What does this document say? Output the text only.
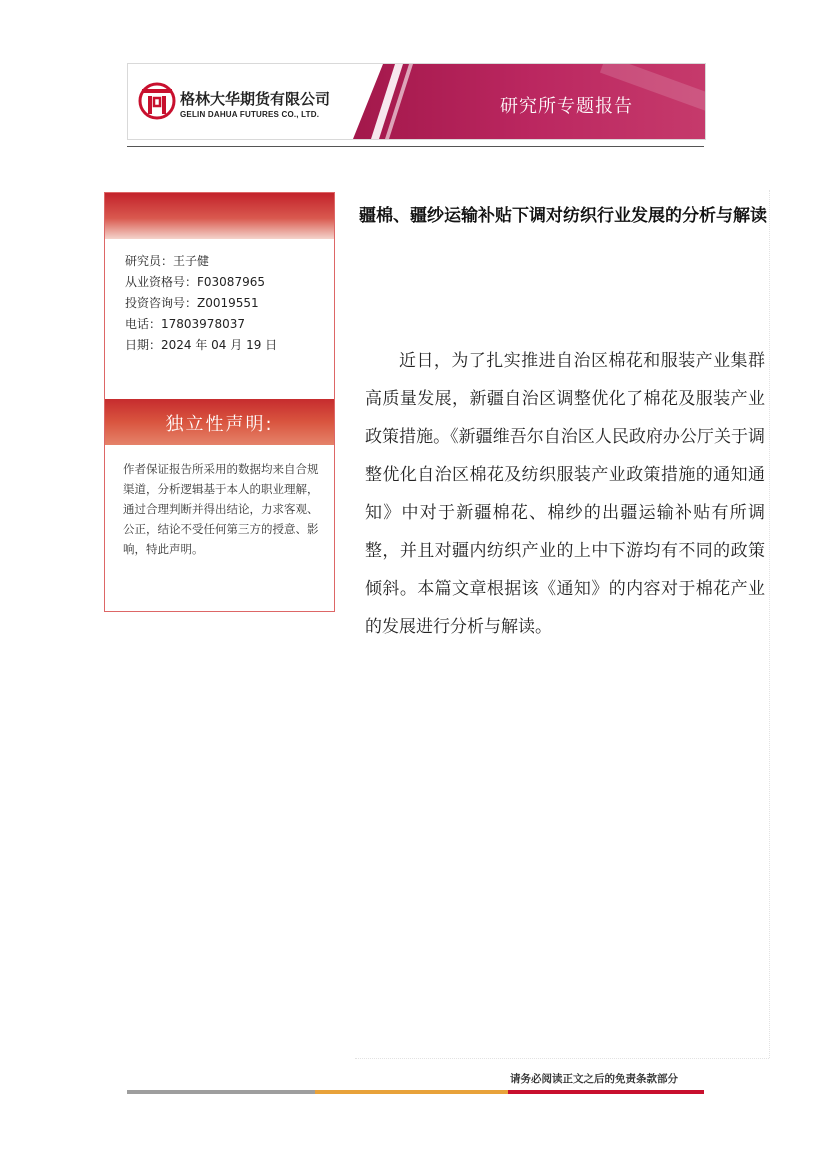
格林大华期货有限公司
GELIN DAHUA FUTURES CO., LTD.	研究所专题报告
研究员：王子健
从业资格号：F03087965
投资咨询号：Z0019551
电话：17803978037
日期：2024 年 04 月 19 日
独立性声明:
作者保证报告所采用的数据均来自合规渠道，分析逻辑基于本人的职业理解，通过合理判断并得出结论，力求客观、公正，结论不受任何第三方的授意、影响，特此声明。
疆棉、疆纱运输补贴下调对纺织行业发展的分析与解读
近日，为了扎实推进自治区棉花和服装产业集群高质量发展，新疆自治区调整优化了棉花及服装产业政策措施。《新疆维吾尔自治区人民政府办公厅关于调整优化自治区棉花及纺织服装产业政策措施的通知通知》中对于新疆棉花、棉纱的出疆运输补贴有所调整，并且对疆内纺织产业的上中下游均有不同的政策倾斜。本篇文章根据该《通知》的内容对于棉花产业的发展进行分析与解读。
请务必阅读正文之后的免责条款部分
